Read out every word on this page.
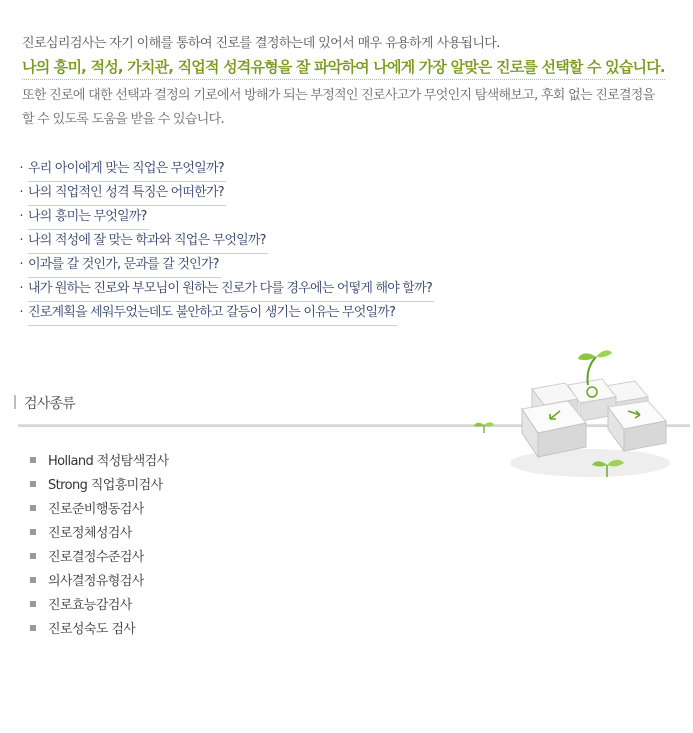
진로심리검사는 자기 이해를 통하여 진로를 결정하는데 있어서 매우 유용하게 사용됩니다.
나의 흥미, 적성, 가치관, 직업적 성격유형을 잘 파악하여 나에게 가장 알맞은 진로를 선택할 수 있습니다.
또한 진로에 대한 선택과 결정의 기로에서 방해가 되는 부정적인 진로사고가 무엇인지 탐색해보고, 후회 없는 진로결정을
할 수 있도록 도움을 받을 수 있습니다.
· 우리 아이에게 맞는 직업은 무엇일까?
· 나의 직업적인 성격 특징은 어떠한가?
· 나의 흥미는 무엇일까?
· 나의 적성에 잘 맞는 학과와 직업은 무엇일까?
· 이과를 갈 것인가, 문과를 갈 것인가?
· 내가 원하는 진로와 부모님이 원하는 진로가 다를 경우에는 어떻게 해야 할까?
· 진로계획을 세워두었는데도 불안하고 갈등이 생기는 이유는 무엇일까?
검사종류
Holland 적성탐색검사
Strong 직업흥미검사
진로준비행동검사
진로정체성검사
진로결정수준검사
의사결정유형검사
진로효능감검사
진로성숙도 검사
